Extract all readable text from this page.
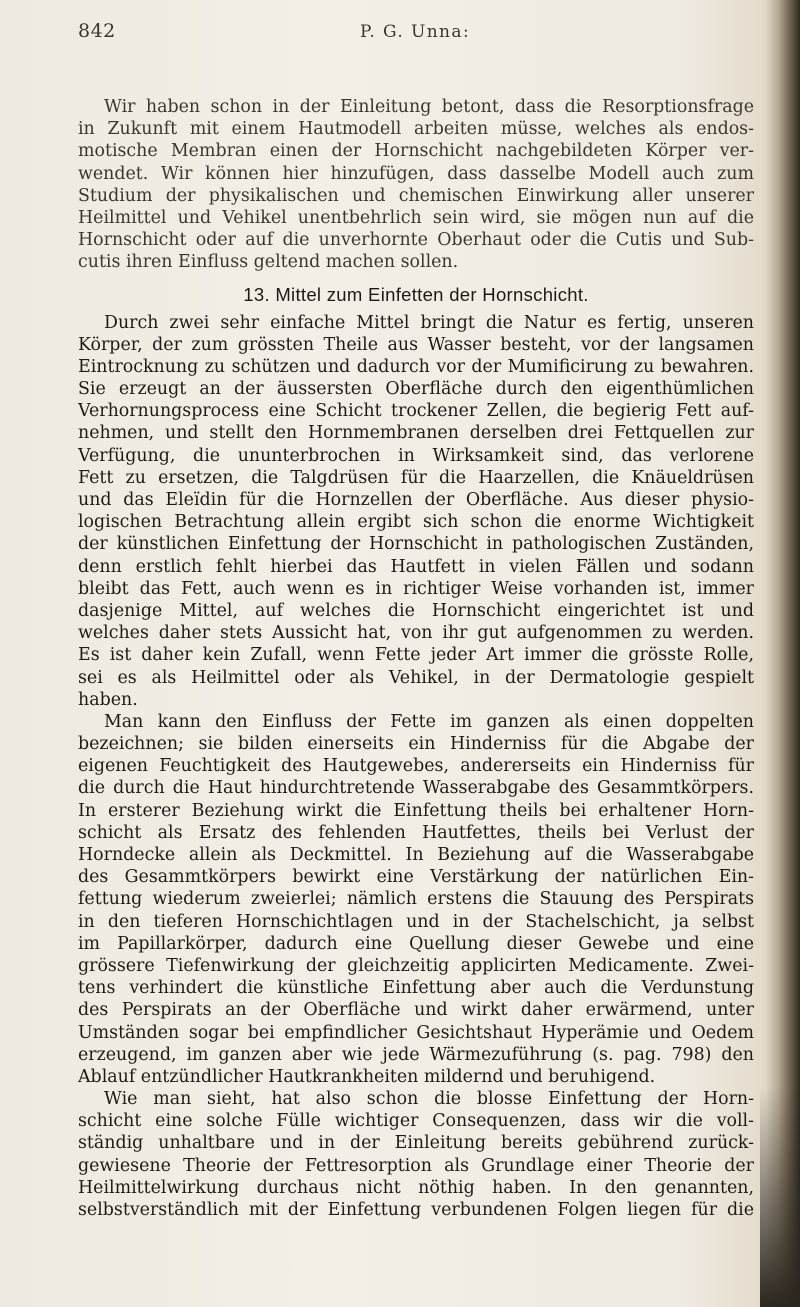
842	P. G. Unna:
Wir haben schon in der Einleitung betont, dass die Resorptionsfrage
in Zukunft mit einem Hautmodell arbeiten müsse, welches als endos-
motische Membran einen der Hornschicht nachgebildeten Körper ver-
wendet. Wir können hier hinzufügen, dass dasselbe Modell auch zum
Studium der physikalischen und chemischen Einwirkung aller unserer
Heilmittel und Vehikel unentbehrlich sein wird, sie mögen nun auf die
Hornschicht oder auf die unverhornte Oberhaut oder die Cutis und Sub-
cutis ihren Einfluss geltend machen sollen.
13. Mittel zum Einfetten der Hornschicht.
Durch zwei sehr einfache Mittel bringt die Natur es fertig, unseren
Körper, der zum grössten Theile aus Wasser besteht, vor der langsamen
Eintrocknung zu schützen und dadurch vor der Mumificirung zu bewahren.
Sie erzeugt an der äussersten Oberfläche durch den eigenthümlichen
Verhornungsprocess eine Schicht trockener Zellen, die begierig Fett auf-
nehmen, und stellt den Hornmembranen derselben drei Fettquellen zur
Verfügung, die ununterbrochen in Wirksamkeit sind, das verlorene
Fett zu ersetzen, die Talgdrüsen für die Haarzellen, die Knäueldrüsen
und das Eleïdin für die Hornzellen der Oberfläche. Aus dieser physio-
logischen Betrachtung allein ergibt sich schon die enorme Wichtigkeit
der künstlichen Einfettung der Hornschicht in pathologischen Zuständen,
denn erstlich fehlt hierbei das Hautfett in vielen Fällen und sodann
bleibt das Fett, auch wenn es in richtiger Weise vorhanden ist, immer
dasjenige Mittel, auf welches die Hornschicht eingerichtet ist und
welches daher stets Aussicht hat, von ihr gut aufgenommen zu werden.
Es ist daher kein Zufall, wenn Fette jeder Art immer die grösste Rolle,
sei es als Heilmittel oder als Vehikel, in der Dermatologie gespielt
haben.
Man kann den Einfluss der Fette im ganzen als einen doppelten
bezeichnen; sie bilden einerseits ein Hinderniss für die Abgabe der
eigenen Feuchtigkeit des Hautgewebes, andererseits ein Hinderniss für
die durch die Haut hindurchtretende Wasserabgabe des Gesammtkörpers.
In ersterer Beziehung wirkt die Einfettung theils bei erhaltener Horn-
schicht als Ersatz des fehlenden Hautfettes, theils bei Verlust der
Horndecke allein als Deckmittel. In Beziehung auf die Wasserabgabe
des Gesammtkörpers bewirkt eine Verstärkung der natürlichen Ein-
fettung wiederum zweierlei; nämlich erstens die Stauung des Perspirats
in den tieferen Hornschichtlagen und in der Stachelschicht, ja selbst
im Papillarkörper, dadurch eine Quellung dieser Gewebe und eine
grössere Tiefenwirkung der gleichzeitig applicirten Medicamente. Zwei-
tens verhindert die künstliche Einfettung aber auch die Verdunstung
des Perspirats an der Oberfläche und wirkt daher erwärmend, unter
Umständen sogar bei empfindlicher Gesichtshaut Hyperämie und Oedem
erzeugend, im ganzen aber wie jede Wärmezuführung (s. pag. 798) den
Ablauf entzündlicher Hautkrankheiten mildernd und beruhigend.
Wie man sieht, hat also schon die blosse Einfettung der Horn-
schicht eine solche Fülle wichtiger Consequenzen, dass wir die voll-
ständig unhaltbare und in der Einleitung bereits gebührend zurück-
gewiesene Theorie der Fettresorption als Grundlage einer Theorie der
Heilmittelwirkung durchaus nicht nöthig haben. In den genannten,
selbstverständlich mit der Einfettung verbundenen Folgen liegen für die
